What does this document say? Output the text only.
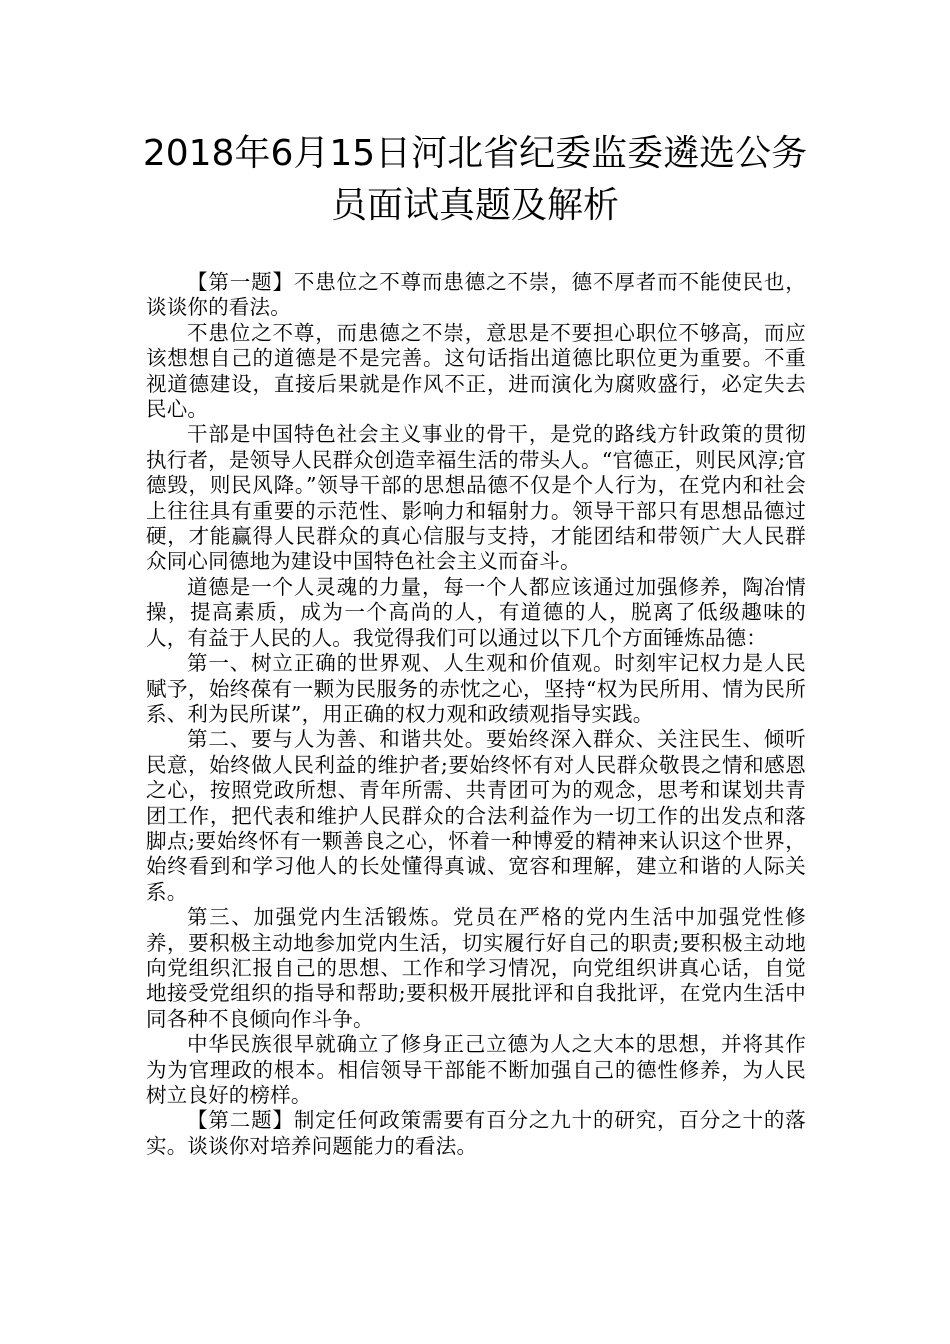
2018年6月15日河北省纪委监委遴选公务
员面试真题及解析

【第一题】不患位之不尊而患德之不崇，德不厚者而不能使民也，谈谈你的看法。

不患位之不尊，而患德之不崇，意思是不要担心职位不够高，而应该想想自己的道德是不是完善。这句话指出道德比职位更为重要。不重视道德建设，直接后果就是作风不正，进而演化为腐败盛行，必定失去民心。

干部是中国特色社会主义事业的骨干，是党的路线方针政策的贯彻执行者，是领导人民群众创造幸福生活的带头人。“官德正，则民风淳;官德毁，则民风降。”领导干部的思想品德不仅是个人行为，在党内和社会上往往具有重要的示范性、影响力和辐射力。领导干部只有思想品德过硬，才能赢得人民群众的真心信服与支持，才能团结和带领广大人民群众同心同德地为建设中国特色社会主义而奋斗。

道德是一个人灵魂的力量，每一个人都应该通过加强修养，陶冶情操，提高素质，成为一个高尚的人，有道德的人，脱离了低级趣味的人，有益于人民的人。我觉得我们可以通过以下几个方面锤炼品德：

第一、树立正确的世界观、人生观和价值观。时刻牢记权力是人民赋予，始终葆有一颗为民服务的赤忱之心，坚持“权为民所用、情为民所系、利为民所谋”，用正确的权力观和政绩观指导实践。

第二、要与人为善、和谐共处。要始终深入群众、关注民生、倾听民意，始终做人民利益的维护者;要始终怀有对人民群众敬畏之情和感恩之心，按照党政所想、青年所需、共青团可为的观念，思考和谋划共青团工作，把代表和维护人民群众的合法利益作为一切工作的出发点和落脚点;要始终怀有一颗善良之心，怀着一种博爱的精神来认识这个世界，始终看到和学习他人的长处懂得真诚、宽容和理解，建立和谐的人际关系。

第三、加强党内生活锻炼。党员在严格的党内生活中加强党性修养，要积极主动地参加党内生活，切实履行好自己的职责;要积极主动地向党组织汇报自己的思想、工作和学习情况，向党组织讲真心话，自觉地接受党组织的指导和帮助;要积极开展批评和自我批评，在党内生活中同各种不良倾向作斗争。

中华民族很早就确立了修身正己立德为人之大本的思想，并将其作为为官理政的根本。相信领导干部能不断加强自己的德性修养，为人民树立良好的榜样。

【第二题】制定任何政策需要有百分之九十的研究，百分之十的落实。谈谈你对培养问题能力的看法。
